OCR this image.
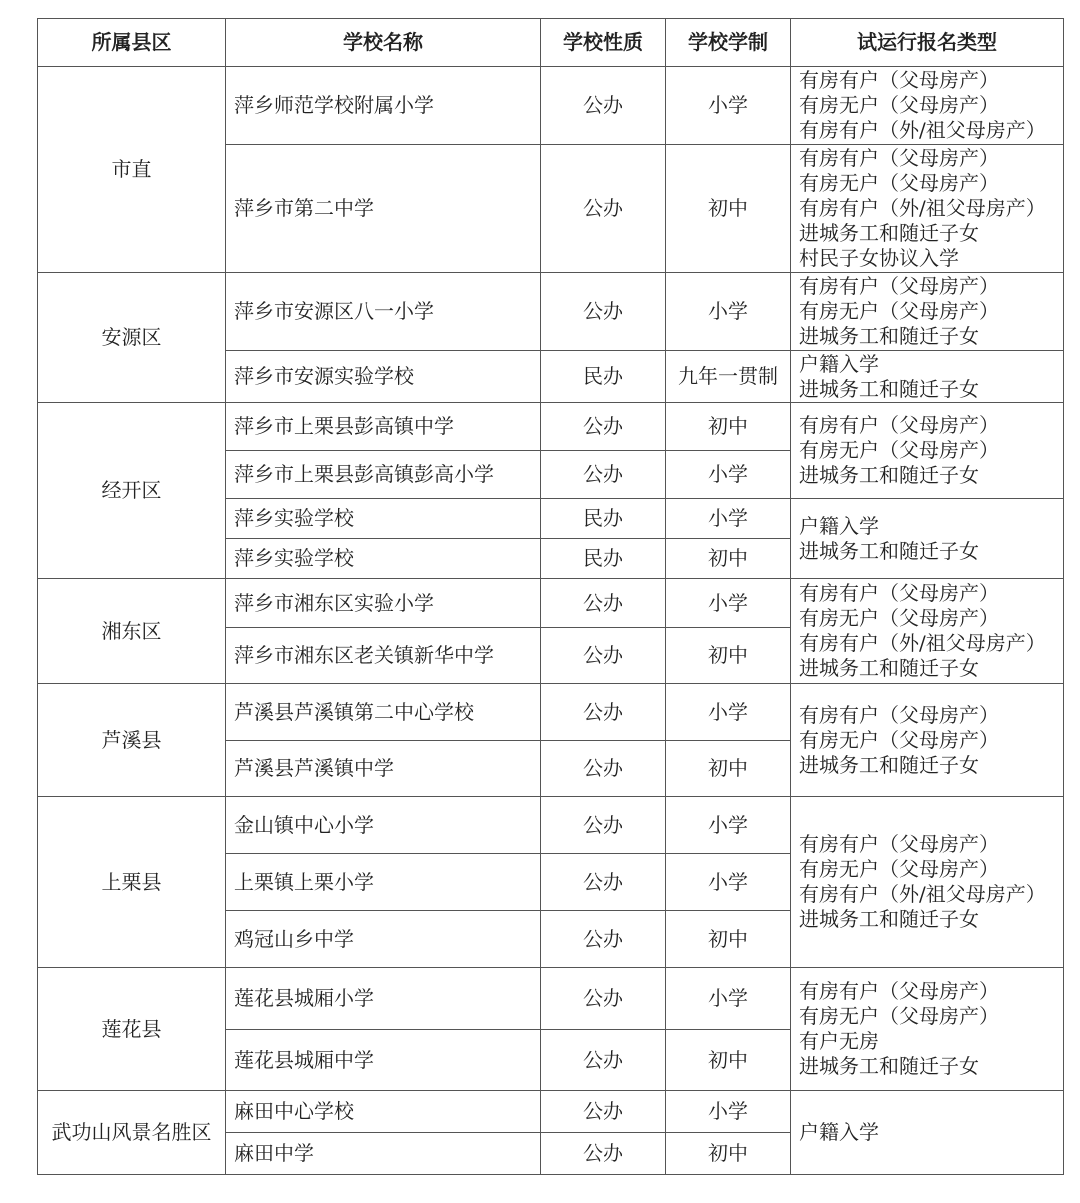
所属县区	学校名称	学校性质	学校学制	试运行报名类型
市直	萍乡师范学校附属小学	公办	小学	有房有户（父母房产）
有房无户（父母房产）
有房有户（外/祖父母房产）

	萍乡市第二中学	公办	初中	有房有户（父母房产）
有房无户（父母房产）
有房有户（外/祖父母房产）
进城务工和随迁子女
村民子女协议入学

安源区	萍乡市安源区八一小学	公办	小学	有房有户（父母房产）
有房无户（父母房产）
进城务工和随迁子女

	萍乡市安源实验学校	民办	九年一贯制	户籍入学
进城务工和随迁子女

经开区	萍乡市上栗县彭高镇中学	公办	初中	有房有户（父母房产）
有房无户（父母房产）
进城务工和随迁子女

	萍乡市上栗县彭高镇彭高小学	公办	小学	
	萍乡实验学校	民办	小学	户籍入学
进城务工和随迁子女

	萍乡实验学校	民办	初中	
湘东区	萍乡市湘东区实验小学	公办	小学	有房有户（父母房产）
有房无户（父母房产）
有房有户（外/祖父母房产）
进城务工和随迁子女

	萍乡市湘东区老关镇新华中学	公办	初中	
芦溪县	芦溪县芦溪镇第二中心学校	公办	小学	有房有户（父母房产）
有房无户（父母房产）
进城务工和随迁子女

	芦溪县芦溪镇中学	公办	初中	
上栗县	金山镇中心小学	公办	小学	有房有户（父母房产）
有房无户（父母房产）
有房有户（外/祖父母房产）
进城务工和随迁子女

	上栗镇上栗小学	公办	小学	
	鸡冠山乡中学	公办	初中	
莲花县	莲花县城厢小学	公办	小学	有房有户（父母房产）
有房无户（父母房产）
有户无房
进城务工和随迁子女

	莲花县城厢中学	公办	初中	
武功山风景名胜区	麻田中心学校	公办	小学	户籍入学

	麻田中学	公办	初中	
